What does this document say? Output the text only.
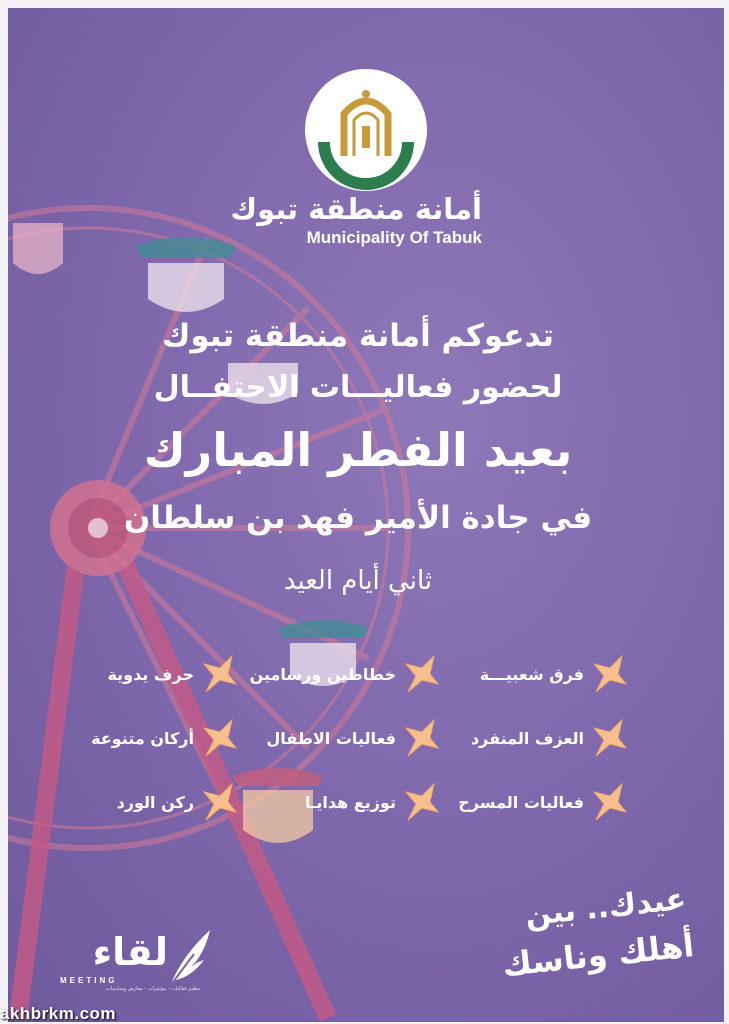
أمانة منطقة تبوك
Municipality Of Tabuk
تدعوكم أمانة منطقة تبوك
لحضور فعاليـــات الاحتفــال
بعيد الفطر المبارك
في جادة الأمير فهد بن سلطان
ثاني أيام العيد
فرق شعبيـــة
خطاطين ورسامين
حرف يدوية
العزف المنفرد
فعاليات الاطفال
أركان متنوعة
فعاليات المسرح
توزيع هدايـا
ركن الورد
عيدك.. بين
أهلك وناسك
لقاء
MEETING
تنظيم فعاليات - مؤتمرات - معارض ومناسبات
akhbrkm.com
